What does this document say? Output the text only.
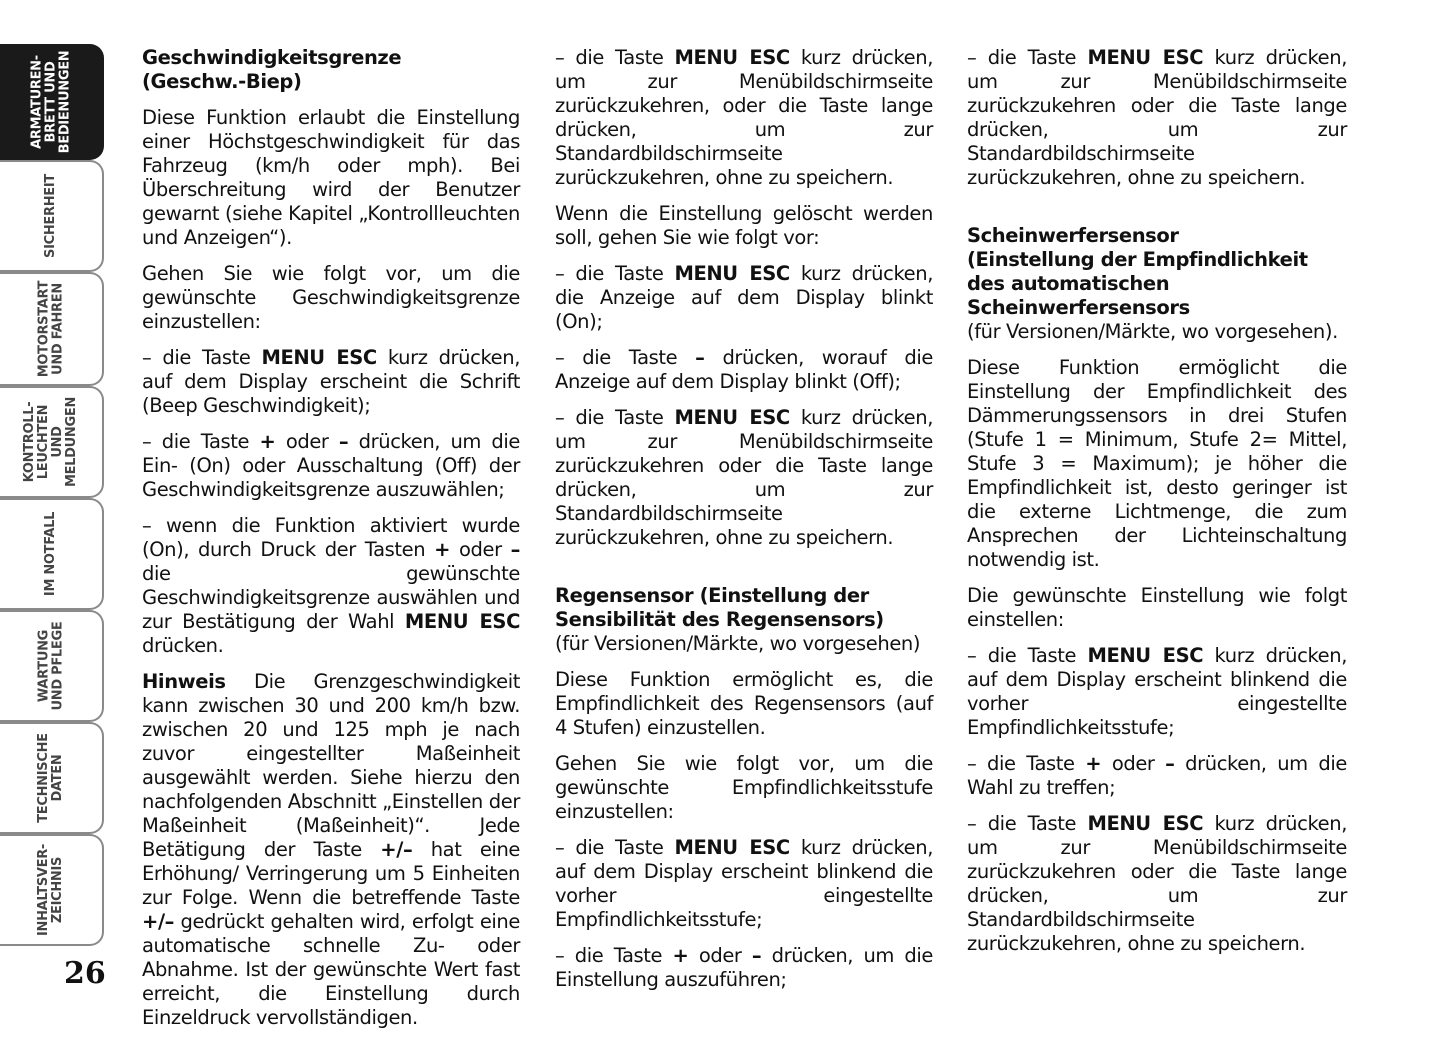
ARMATUREN-
BRETT UND
BEDIENUNGEN
SICHERHEIT
MOTORSTART
UND FAHREN
KONTROLL-
LEUCHTEN UND
MELDUNGEN
IM NOTFALL
WARTUNG
UND PFLEGE
TECHNISCHE
DATEN
INHALTSVER-
ZEICHNIS
26

Geschwindigkeitsgrenze
(Geschw.-Biep)

Diese Funktion erlaubt die Einstellung einer Höchstgeschwindigkeit für das Fahrzeug (km/h oder mph). Bei Überschreitung wird der Benutzer gewarnt (siehe Kapitel „Kontrollleuchten und Anzeigen“).

Gehen Sie wie folgt vor, um die gewünschte Geschwindigkeitsgrenze einzustellen:

– die Taste MENU ESC kurz drücken, auf dem Display erscheint die Schrift (Beep Geschwindigkeit);

– die Taste + oder – drücken, um die Ein- (On) oder Ausschaltung (Off) der Geschwindigkeitsgrenze auszuwählen;

– wenn die Funktion aktiviert wurde (On), durch Druck der Tasten + oder – die gewünschte Geschwindigkeitsgrenze auswählen und zur Bestätigung der Wahl MENU ESC drücken.

Hinweis Die Grenzgeschwindigkeit kann zwischen 30 und 200 km/h bzw. zwischen 20 und 125 mph je nach zuvor eingestellter Maßeinheit ausgewählt werden. Siehe hierzu den nachfolgenden Abschnitt „Einstellen der Maßeinheit (Maßeinheit)“. Jede Betätigung der Taste +/– hat eine Erhöhung/ Verringerung um 5 Einheiten zur Folge. Wenn die betreffende Taste +/– gedrückt gehalten wird, erfolgt eine automatische schnelle Zu- oder Abnahme. Ist der gewünschte Wert fast erreicht, die Einstellung durch Einzeldruck vervollständigen.

– die Taste MENU ESC kurz drücken, um zur Menübildschirmseite zurückzukehren, oder die Taste lange drücken, um zur Standardbildschirmseite zurückzukehren, ohne zu speichern.

Wenn die Einstellung gelöscht werden soll, gehen Sie wie folgt vor:

– die Taste MENU ESC kurz drücken, die Anzeige auf dem Display blinkt (On);

– die Taste – drücken, worauf die Anzeige auf dem Display blinkt (Off);

– die Taste MENU ESC kurz drücken, um zur Menübildschirmseite zurückzukehren oder die Taste lange drücken, um zur Standardbildschirmseite zurückzukehren, ohne zu speichern.

Regensensor (Einstellung der Sensibilität des Regensensors)

(für Versionen/Märkte, wo vorgesehen)

Diese Funktion ermöglicht es, die Empfindlichkeit des Regensensors (auf 4 Stufen) einzustellen.

Gehen Sie wie folgt vor, um die gewünschte Empfindlichkeitsstufe einzustellen:

– die Taste MENU ESC kurz drücken, auf dem Display erscheint blinkend die vorher eingestellte Empfindlichkeitsstufe;

– die Taste + oder – drücken, um die Einstellung auszuführen;

– die Taste MENU ESC kurz drücken, um zur Menübildschirmseite zurückzukehren oder die Taste lange drücken, um zur Standardbildschirmseite zurückzukehren, ohne zu speichern.

Scheinwerfersensor
(Einstellung der Empfindlichkeit
des automatischen
Scheinwerfersensors

(für Versionen/Märkte, wo vorgesehen).

Diese Funktion ermöglicht die Einstellung der Empfindlichkeit des Dämmerungssensors in drei Stufen (Stufe 1 = Minimum, Stufe 2= Mittel, Stufe 3 = Maximum); je höher die Empfindlichkeit ist, desto geringer ist die externe Lichtmenge, die zum Ansprechen der Lichteinschaltung notwendig ist.

Die gewünschte Einstellung wie folgt einstellen:

– die Taste MENU ESC kurz drücken, auf dem Display erscheint blinkend die vorher eingestellte Empfindlichkeitsstufe;

– die Taste + oder – drücken, um die Wahl zu treffen;

– die Taste MENU ESC kurz drücken, um zur Menübildschirmseite zurückzukehren oder die Taste lange drücken, um zur Standardbildschirmseite zurückzukehren, ohne zu speichern.
